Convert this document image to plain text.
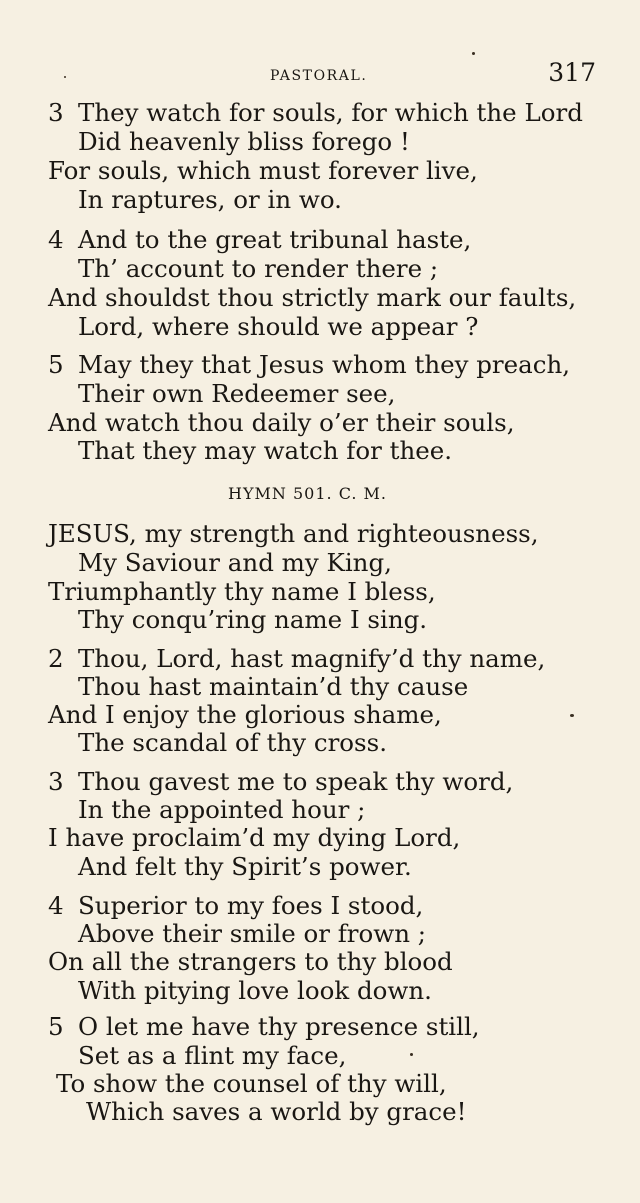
PASTORAL.	317
3 They watch for souls, for which the Lord
Did heavenly bliss forego !
For souls, which must forever live,
In raptures, or in wo.
4 And to the great tribunal haste,
Th’ account to render there ;
And shouldst thou strictly mark our faults,
Lord, where should we appear ?
5 May they that Jesus whom they preach,
Their own Redeemer see,
And watch thou daily o’er their souls,
That they may watch for thee.
HYMN 501. C. M.
JESUS, my strength and righteousness,
My Saviour and my King,
Triumphantly thy name I bless,
Thy conqu’ring name I sing.
2 Thou, Lord, hast magnify’d thy name,
Thou hast maintain’d thy cause
And I enjoy the glorious shame,
The scandal of thy cross.
3 Thou gavest me to speak thy word,
In the appointed hour ;
I have proclaim’d my dying Lord,
And felt thy Spirit’s power.
4 Superior to my foes I stood,
Above their smile or frown ;
On all the strangers to thy blood
With pitying love look down.
5 O let me have thy presence still,
Set as a flint my face,
To show the counsel of thy will,
Which saves a world by grace!
